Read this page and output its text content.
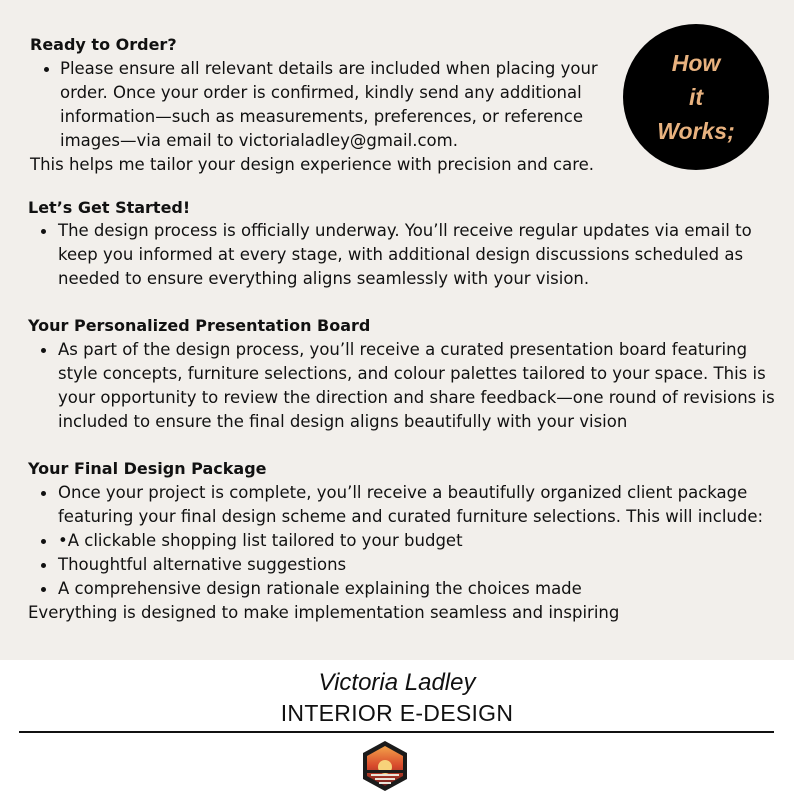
How
it
Works;
Ready to Order?
Please ensure all relevant details are included when placing your
order. Once your order is confirmed, kindly send any additional
information—such as measurements, preferences, or reference
images—via email to victorialadley@gmail.com.
This helps me tailor your design experience with precision and care.
Let’s Get Started!
The design process is officially underway. You’ll receive regular updates via email to
keep you informed at every stage, with additional design discussions scheduled as
needed to ensure everything aligns seamlessly with your vision.
Your Personalized Presentation Board
As part of the design process, you’ll receive a curated presentation board featuring
style concepts, furniture selections, and colour palettes tailored to your space. This is
your opportunity to review the direction and share feedback—one round of revisions is
included to ensure the final design aligns beautifully with your vision
Your Final Design Package
Once your project is complete, you’ll receive a beautifully organized client package
featuring your final design scheme and curated furniture selections. This will include:
•A clickable shopping list tailored to your budget
Thoughtful alternative suggestions
A comprehensive design rationale explaining the choices made
Everything is designed to make implementation seamless and inspiring
Victoria Ladley
INTERIOR E-DESIGN
